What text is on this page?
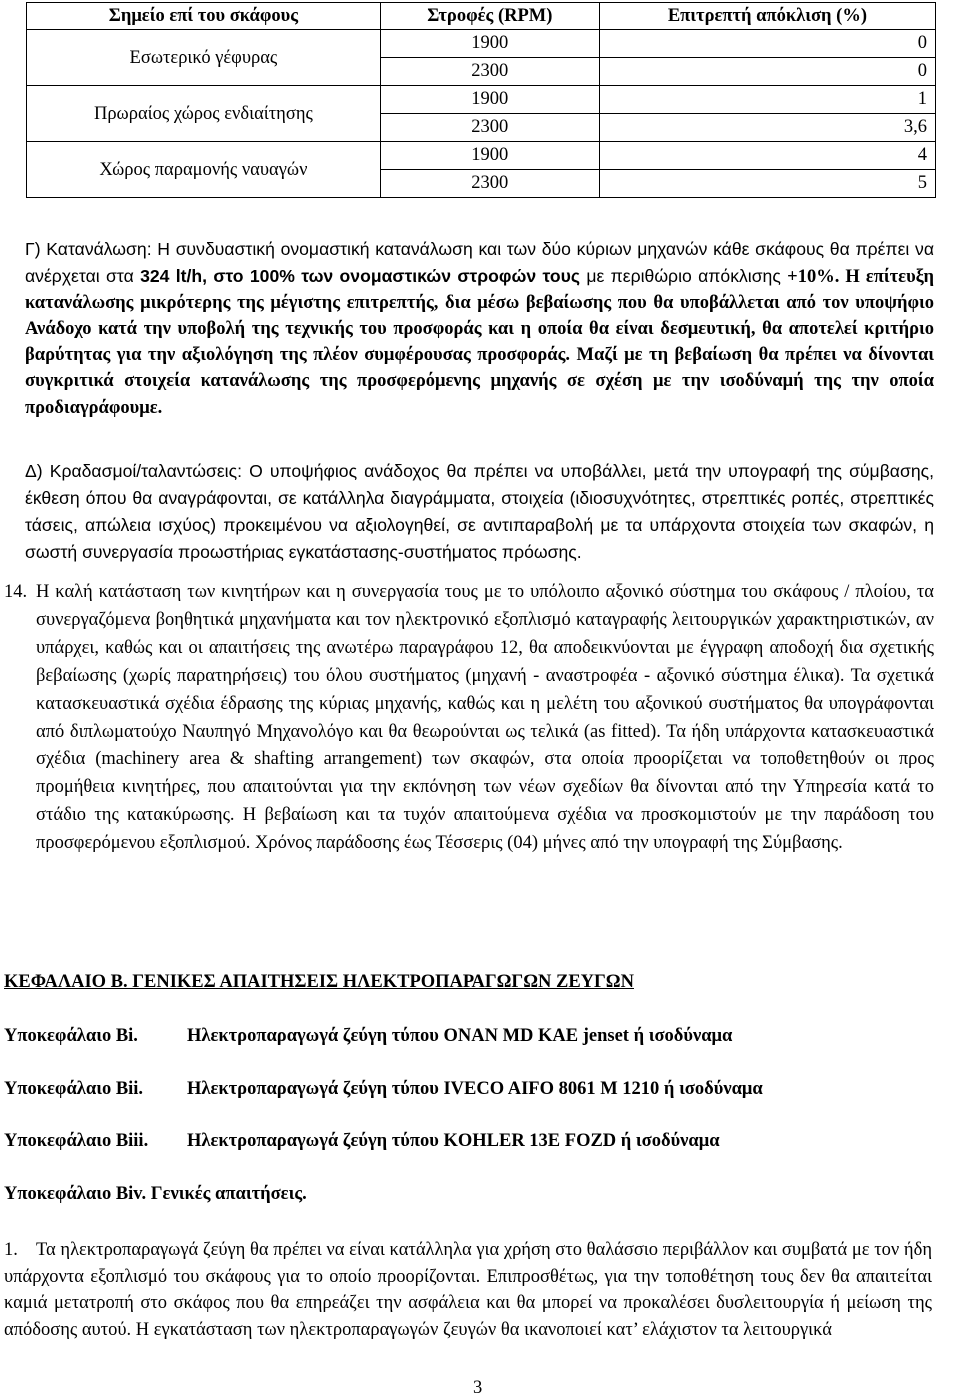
Σημείο επί του σκάφους	Στροφές (RPM)	Επιτρεπτή απόκλιση (%)
Εσωτερικό γέφυρας	1900	0
	2300	0
Πρωραίος χώρος ενδιαίτησης	1900	1
	2300	3,6
Χώρος παραμονής ναυαγών	1900	4
	2300	5
Γ) Κατανάλωση: Η συνδυαστική ονομαστική κατανάλωση και των δύο κύριων μηχανών κάθε σκάφους θα πρέπει να ανέρχεται στα 324 lt/h, στο 100% των ονομαστικών στροφών τους με περιθώριο απόκλισης +10%. Η επίτευξη κατανάλωσης μικρότερης της μέγιστης επιτρεπτής, δια μέσω βεβαίωσης που θα υποβάλλεται από τον υποψήφιο Ανάδοχο κατά την υποβολή της τεχνικής του προσφοράς και η οποία θα είναι δεσμευτική, θα αποτελεί κριτήριο βαρύτητας για την αξιολόγηση της πλέον συμφέρουσας προσφοράς. Μαζί με τη βεβαίωση θα πρέπει να δίνονται συγκριτικά στοιχεία κατανάλωσης της προσφερόμενης μηχανής σε σχέση με την ισοδύναμή της την οποία προδιαγράφουμε.
Δ) Κραδασμοί/ταλαντώσεις: Ο υποψήφιος ανάδοχος θα πρέπει να υποβάλλει, μετά την υπογραφή της σύμβασης, έκθεση όπου θα αναγράφονται, σε κατάλληλα διαγράμματα, στοιχεία (ιδιοσυχνότητες, στρεπτικές ροπές, στρεπτικές τάσεις, απώλεια ισχύος) προκειμένου να αξιολογηθεί, σε αντιπαραβολή με τα υπάρχοντα στοιχεία των σκαφών, η σωστή συνεργασία προωστήριας εγκατάστασης-συστήματος πρόωσης.
14. Η καλή κατάσταση των κινητήρων και η συνεργασία τους με το υπόλοιπο αξονικό σύστημα του σκάφους / πλοίου, τα συνεργαζόμενα βοηθητικά μηχανήματα και τον ηλεκτρονικό εξοπλισμό καταγραφής λειτουργικών χαρακτηριστικών, αν υπάρχει, καθώς και οι απαιτήσεις της ανωτέρω παραγράφου 12, θα αποδεικνύονται με έγγραφη αποδοχή δια σχετικής βεβαίωσης (χωρίς παρατηρήσεις) του όλου συστήματος (μηχανή - αναστροφέα - αξονικό σύστημα έλικα). Τα σχετικά κατασκευαστικά σχέδια έδρασης της κύριας μηχανής, καθώς και η μελέτη του αξονικού συστήματος θα υπογράφονται από διπλωματούχο Ναυπηγό Μηχανολόγο και θα θεωρούνται ως τελικά (as fitted). Τα ήδη υπάρχοντα κατασκευαστικά σχέδια (machinery area & shafting arrangement) των σκαφών, στα οποία προορίζεται να τοποθετηθούν οι προς προμήθεια κινητήρες, που απαιτούνται για την εκπόνηση των νέων σχεδίων θα δίνονται από την Υπηρεσία κατά το στάδιο της κατακύρωσης. Η βεβαίωση και τα τυχόν απαιτούμενα σχέδια να προσκομιστούν με την παράδοση του προσφερόμενου εξοπλισμού. Χρόνος παράδοσης έως Τέσσερις (04) μήνες από την υπογραφή της Σύμβασης.
ΚΕΦΑΛΑΙΟ Β. ΓΕΝΙΚΕΣ ΑΠΑΙΤΗΣΕΙΣ ΗΛΕΚΤΡΟΠΑΡΑΓΩΓΩΝ ΖΕΥΓΩΝ
Υποκεφάλαιο Bi.	Ηλεκτροπαραγωγά ζεύγη τύπου ΟΝΑΝ MD KAE jenset ή ισοδύναμα
Υποκεφάλαιο Bii. Ηλεκτροπαραγωγά ζεύγη τύπου IVECO AIFO 8061 M 1210 ή ισοδύναμα
Υποκεφάλαιο Biii. Ηλεκτροπαραγωγά ζεύγη τύπου KOHLER 13E FOZD ή ισοδύναμα
Υποκεφάλαιο Biv. Γενικές απαιτήσεις.
1. Τα ηλεκτροπαραγωγά ζεύγη θα πρέπει να είναι κατάλληλα για χρήση στο θαλάσσιο περιβάλλον και συμβατά με τον ήδη υπάρχοντα εξοπλισμό του σκάφους για το οποίο προορίζονται. Επιπροσθέτως, για την τοποθέτηση τους δεν θα απαιτείται καμιά μετατροπή στο σκάφος που θα επηρεάζει την ασφάλεια και θα μπορεί να προκαλέσει δυσλειτουργία ή μείωση της απόδοσης αυτού. Η εγκατάσταση των ηλεκτροπαραγωγών ζευγών θα ικανοποιεί κατ’ ελάχιστον τα λειτουργικά
3
